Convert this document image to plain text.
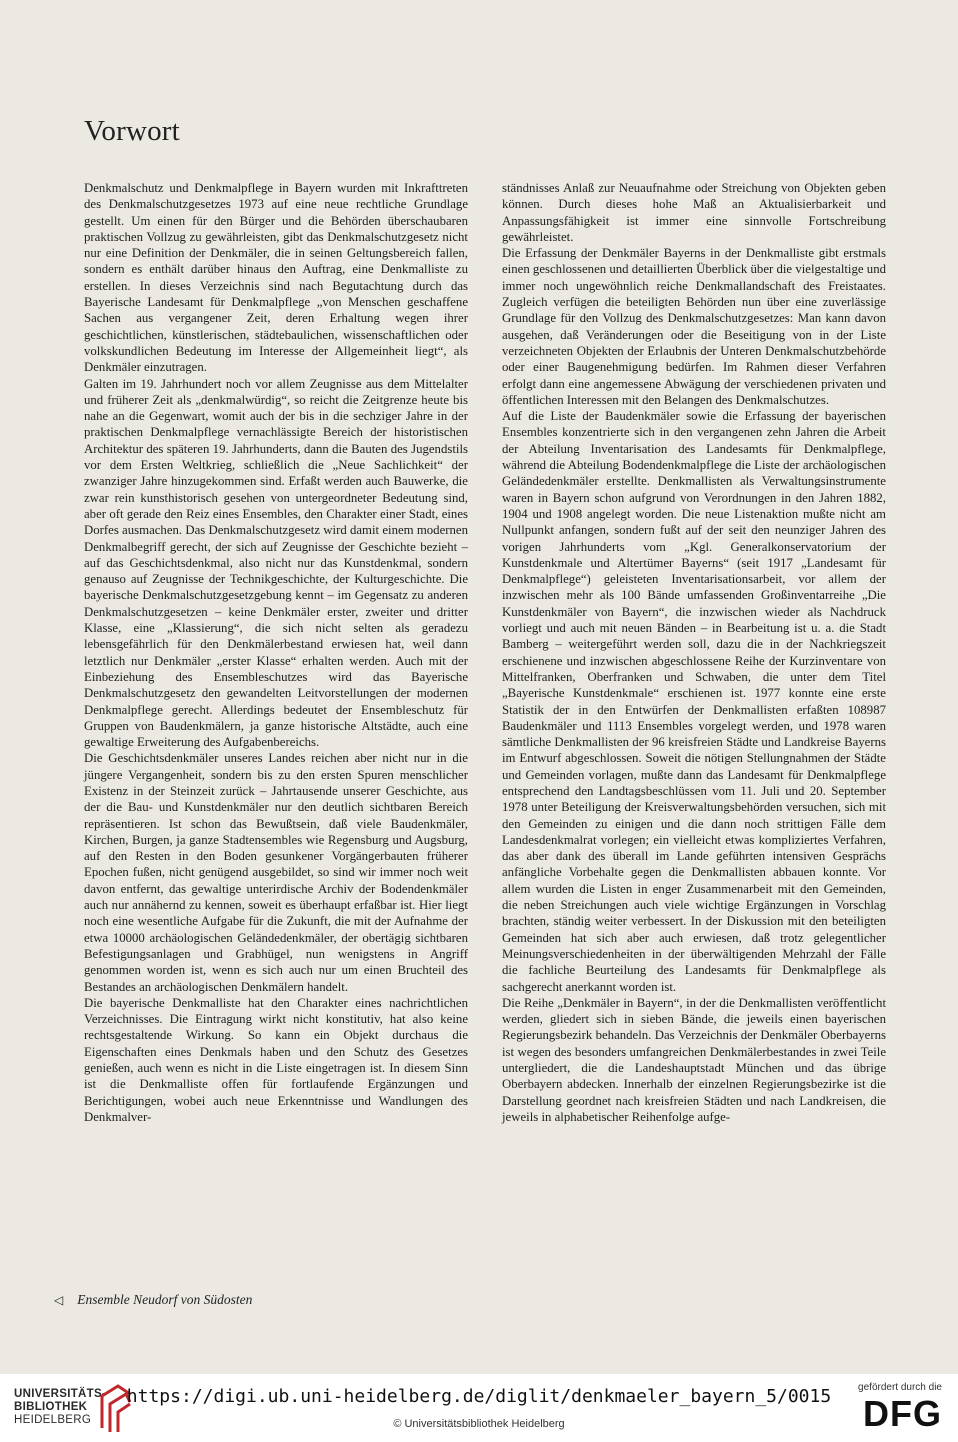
Vorwort

Denkmalschutz und Denkmalpflege in Bayern wurden mit Inkrafttreten des Denkmalschutzgesetzes 1973 auf eine neue rechtliche Grundlage gestellt. Um einen für den Bürger und die Behörden überschaubaren praktischen Vollzug zu gewährleisten, gibt das Denkmalschutzgesetz nicht nur eine Definition der Denkmäler, die in seinen Geltungsbereich fallen, sondern es enthält darüber hinaus den Auftrag, eine Denkmalliste zu erstellen. In dieses Verzeichnis sind nach Begutachtung durch das Bayerische Landesamt für Denkmalpflege „von Menschen geschaffene Sachen aus vergangener Zeit, deren Erhaltung wegen ihrer geschichtlichen, künstlerischen, städtebaulichen, wissenschaftlichen oder volkskundlichen Bedeutung im Interesse der Allgemeinheit liegt“, als Denkmäler einzutragen.

Galten im 19. Jahrhundert noch vor allem Zeugnisse aus dem Mittelalter und früherer Zeit als „denkmalwürdig“, so reicht die Zeitgrenze heute bis nahe an die Gegenwart, womit auch der bis in die sechziger Jahre in der praktischen Denkmalpflege vernachlässigte Bereich der historistischen Architektur des späteren 19. Jahrhunderts, dann die Bauten des Jugendstils vor dem Ersten Weltkrieg, schließlich die „Neue Sachlichkeit“ der zwanziger Jahre hinzugekommen sind. Erfaßt werden auch Bauwerke, die zwar rein kunsthistorisch gesehen von untergeordneter Bedeutung sind, aber oft gerade den Reiz eines Ensembles, den Charakter einer Stadt, eines Dorfes ausmachen. Das Denkmalschutzgesetz wird damit einem modernen Denkmalbegriff gerecht, der sich auf Zeugnisse der Geschichte bezieht – auf das Geschichtsdenkmal, also nicht nur das Kunstdenkmal, sondern genauso auf Zeugnisse der Technikgeschichte, der Kulturgeschichte. Die bayerische Denkmalschutzgesetzgebung kennt – im Gegensatz zu anderen Denkmalschutzgesetzen – keine Denkmäler erster, zweiter und dritter Klasse, eine „Klassierung“, die sich nicht selten als geradezu lebensgefährlich für den Denkmälerbestand erwiesen hat, weil dann letztlich nur Denkmäler „erster Klasse“ erhalten werden. Auch mit der Einbeziehung des Ensembleschutzes wird das Bayerische Denkmalschutzgesetz den gewandelten Leitvorstellungen der modernen Denkmalpflege gerecht. Allerdings bedeutet der Ensembleschutz für Gruppen von Baudenkmälern, ja ganze historische Altstädte, auch eine gewaltige Erweiterung des Aufgabenbereichs.

Die Geschichtsdenkmäler unseres Landes reichen aber nicht nur in die jüngere Vergangenheit, sondern bis zu den ersten Spuren menschlicher Existenz in der Steinzeit zurück – Jahrtausende unserer Geschichte, aus der die Bau- und Kunstdenkmäler nur den deutlich sichtbaren Bereich repräsentieren. Ist schon das Bewußtsein, daß viele Baudenkmäler, Kirchen, Burgen, ja ganze Stadtensembles wie Regensburg und Augsburg, auf den Resten in den Boden gesunkener Vorgängerbauten früherer Epochen fußen, nicht genügend ausgebildet, so sind wir immer noch weit davon entfernt, das gewaltige unterirdische Archiv der Bodendenkmäler auch nur annähernd zu kennen, soweit es überhaupt erfaßbar ist. Hier liegt noch eine wesentliche Aufgabe für die Zukunft, die mit der Aufnahme der etwa 10000 archäologischen Geländedenkmäler, der obertägig sichtbaren Befestigungsanlagen und Grabhügel, nun wenigstens in Angriff genommen worden ist, wenn es sich auch nur um einen Bruchteil des Bestandes an archäologischen Denkmälern handelt.

Die bayerische Denkmalliste hat den Charakter eines nachrichtlichen Verzeichnisses. Die Eintragung wirkt nicht konstitutiv, hat also keine rechtsgestaltende Wirkung. So kann ein Objekt durchaus die Eigenschaften eines Denkmals haben und den Schutz des Gesetzes genießen, auch wenn es nicht in die Liste eingetragen ist. In diesem Sinn ist die Denkmalliste offen für fortlaufende Ergänzungen und Berichtigungen, wobei auch neue Erkenntnisse und Wandlungen des Denkmalver-

ständnisses Anlaß zur Neuaufnahme oder Streichung von Objekten geben können. Durch dieses hohe Maß an Aktualisierbarkeit und Anpassungsfähigkeit ist immer eine sinnvolle Fortschreibung gewährleistet.

Die Erfassung der Denkmäler Bayerns in der Denkmalliste gibt erstmals einen geschlossenen und detaillierten Überblick über die vielgestaltige und immer noch ungewöhnlich reiche Denkmallandschaft des Freistaates. Zugleich verfügen die beteiligten Behörden nun über eine zuverlässige Grundlage für den Vollzug des Denkmalschutzgesetzes: Man kann davon ausgehen, daß Veränderungen oder die Beseitigung von in der Liste verzeichneten Objekten der Erlaubnis der Unteren Denkmalschutzbehörde oder einer Baugenehmigung bedürfen. Im Rahmen dieser Verfahren erfolgt dann eine angemessene Abwägung der verschiedenen privaten und öffentlichen Interessen mit den Belangen des Denkmalschutzes.

Auf die Liste der Baudenkmäler sowie die Erfassung der bayerischen Ensembles konzentrierte sich in den vergangenen zehn Jahren die Arbeit der Abteilung Inventarisation des Landesamts für Denkmalpflege, während die Abteilung Bodendenkmalpflege die Liste der archäologischen Geländedenkmäler erstellte. Denkmallisten als Verwaltungsinstrumente waren in Bayern schon aufgrund von Verordnungen in den Jahren 1882, 1904 und 1908 angelegt worden. Die neue Listenaktion mußte nicht am Nullpunkt anfangen, sondern fußt auf der seit den neunziger Jahren des vorigen Jahrhunderts vom „Kgl. Generalkonservatorium der Kunstdenkmale und Altertümer Bayerns“ (seit 1917 „Landesamt für Denkmalpflege“) geleisteten Inventarisationsarbeit, vor allem der inzwischen mehr als 100 Bände umfassenden Großinventarreihe „Die Kunstdenkmäler von Bayern“, die inzwischen wieder als Nachdruck vorliegt und auch mit neuen Bänden – in Bearbeitung ist u. a. die Stadt Bamberg – weitergeführt werden soll, dazu die in der Nachkriegszeit erschienene und inzwischen abgeschlossene Reihe der Kurzinventare von Mittelfranken, Oberfranken und Schwaben, die unter dem Titel „Bayerische Kunstdenkmale“ erschienen ist. 1977 konnte eine erste Statistik der in den Entwürfen der Denkmallisten erfaßten 108987 Baudenkmäler und 1113 Ensembles vorgelegt werden, und 1978 waren sämtliche Denkmallisten der 96 kreisfreien Städte und Landkreise Bayerns im Entwurf abgeschlossen. Soweit die nötigen Stellungnahmen der Städte und Gemeinden vorlagen, mußte dann das Landesamt für Denkmalpflege entsprechend den Landtagsbeschlüssen vom 11. Juli und 20. September 1978 unter Beteiligung der Kreisverwaltungsbehörden versuchen, sich mit den Gemeinden zu einigen und die dann noch strittigen Fälle dem Landesdenkmalrat vorlegen; ein vielleicht etwas kompliziertes Verfahren, das aber dank des überall im Lande geführten intensiven Gesprächs anfängliche Vorbehalte gegen die Denkmallisten abbauen konnte. Vor allem wurden die Listen in enger Zusammenarbeit mit den Gemeinden, die neben Streichungen auch viele wichtige Ergänzungen in Vorschlag brachten, ständig weiter verbessert. In der Diskussion mit den beteiligten Gemeinden hat sich aber auch erwiesen, daß trotz gelegentlicher Meinungsverschiedenheiten in der überwältigenden Mehrzahl der Fälle die fachliche Beurteilung des Landesamts für Denkmalpflege als sachgerecht anerkannt worden ist.

Die Reihe „Denkmäler in Bayern“, in der die Denkmallisten veröffentlicht werden, gliedert sich in sieben Bände, die jeweils einen bayerischen Regierungsbezirk behandeln. Das Verzeichnis der Denkmäler Oberbayerns ist wegen des besonders umfangreichen Denkmälerbestandes in zwei Teile untergliedert, die die Landeshauptstadt München und das übrige Oberbayern abdecken. Innerhalb der einzelnen Regierungsbezirke ist die Darstellung geordnet nach kreisfreien Städten und nach Landkreisen, die jeweils in alphabetischer Reihenfolge aufge-

◁ Ensemble Neudorf von Südosten
UNIVERSITÄTS-
BIBLIOTHEK
HEIDELBERG
https://digi.ub.uni-heidelberg.de/diglit/denkmaeler_bayern_5/0015
© Universitätsbibliothek Heidelberg
gefördert durch die
DFG
